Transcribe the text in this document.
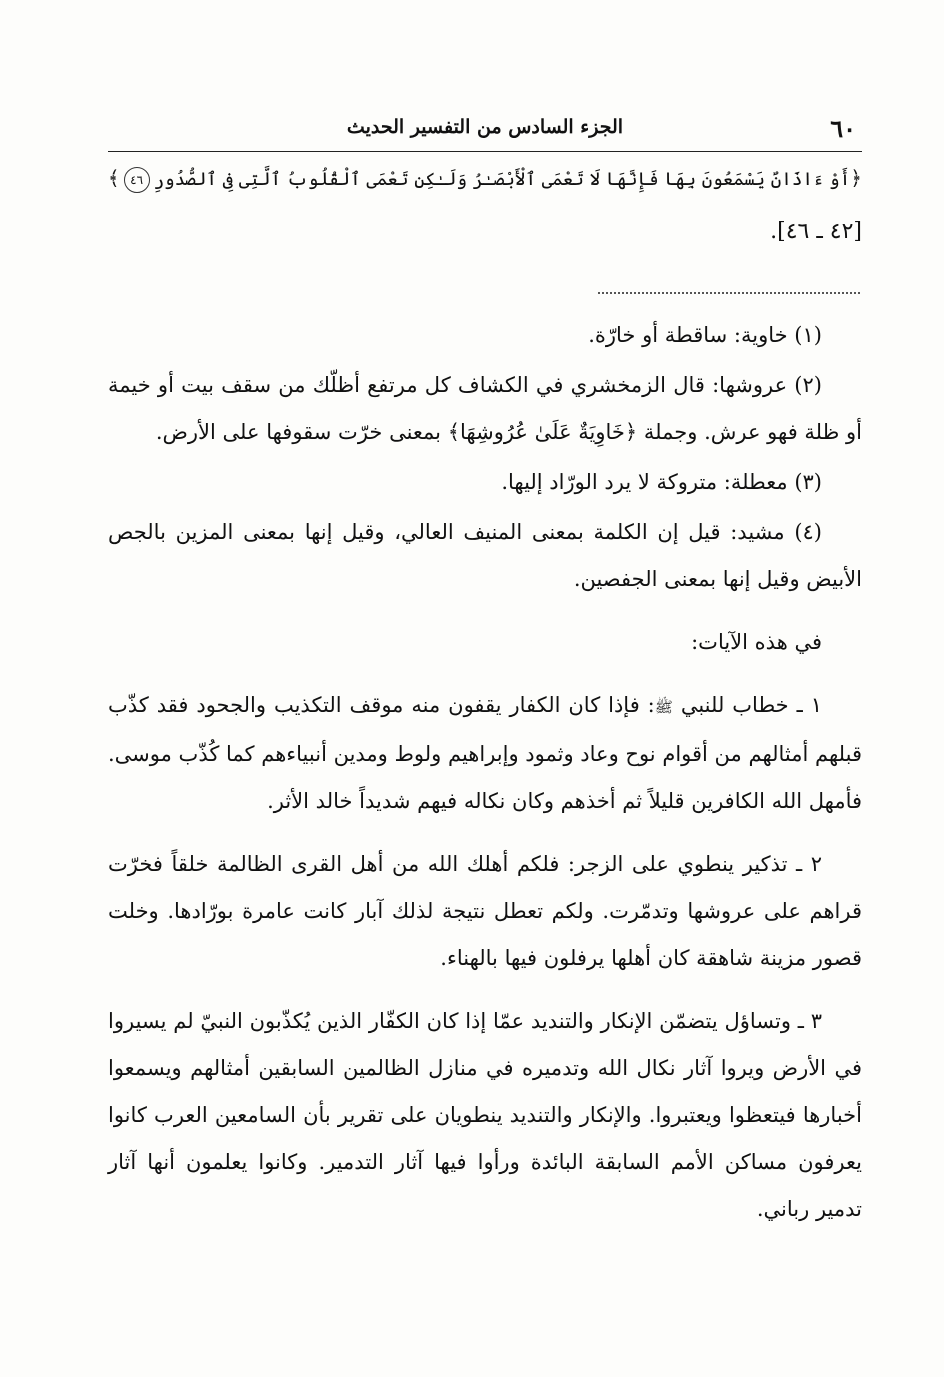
٦٠
الجزء السادس من التفسير الحديث
﴿أَوْ ءَاذَانٌ يَسْمَعُونَ بِهَا فَإِنَّهَا لَا تَعْمَى ٱلْأَبْصَـٰرُ وَلَـٰكِن تَعْمَى ٱلْقُلُوبُ ٱلَّتِى فِى ٱلصُّدُورِ٤٦﴾
[٤٢ ـ ٤٦].

(١) خاوية: ساقطة أو خارّة.

(٢) عروشها: قال الزمخشري في الكشاف كل مرتفع أظلّك من سقف بيت أو خيمة أو ظلة فهو عرش. وجملة ﴿خَاوِيَةٌ عَلَىٰ عُرُوشِهَا﴾ بمعنى خرّت سقوفها على الأرض.

(٣) معطلة: متروكة لا يرد الورّاد إليها.

(٤) مشيد: قيل إن الكلمة بمعنى المنيف العالي، وقيل إنها بمعنى المزين بالجص الأبيض وقيل إنها بمعنى الجفصين.

في هذه الآيات:

١ ـ خطاب للنبي ﷺ: فإذا كان الكفار يقفون منه موقف التكذيب والجحود فقد كذّب قبلهم أمثالهم من أقوام نوح وعاد وثمود وإبراهيم ولوط ومدين أنبياءهم كما كُذّب موسى. فأمهل الله الكافرين قليلاً ثم أخذهم وكان نكاله فيهم شديداً خالد الأثر.

٢ ـ تذكير ينطوي على الزجر: فلكم أهلك الله من أهل القرى الظالمة خلقاً فخرّت قراهم على عروشها وتدمّرت. ولكم تعطل نتيجة لذلك آبار كانت عامرة بورّادها. وخلت قصور مزينة شاهقة كان أهلها يرفلون فيها بالهناء.

٣ ـ وتساؤل يتضمّن الإنكار والتنديد عمّا إذا كان الكفّار الذين يُكذّبون النبيّ لم يسيروا في الأرض ويروا آثار نكال الله وتدميره في منازل الظالمين السابقين أمثالهم ويسمعوا أخبارها فيتعظوا ويعتبروا. والإنكار والتنديد ينطويان على تقرير بأن السامعين العرب كانوا يعرفون مساكن الأمم السابقة البائدة ورأوا فيها آثار التدمير. وكانوا يعلمون أنها آثار تدمير رباني.
